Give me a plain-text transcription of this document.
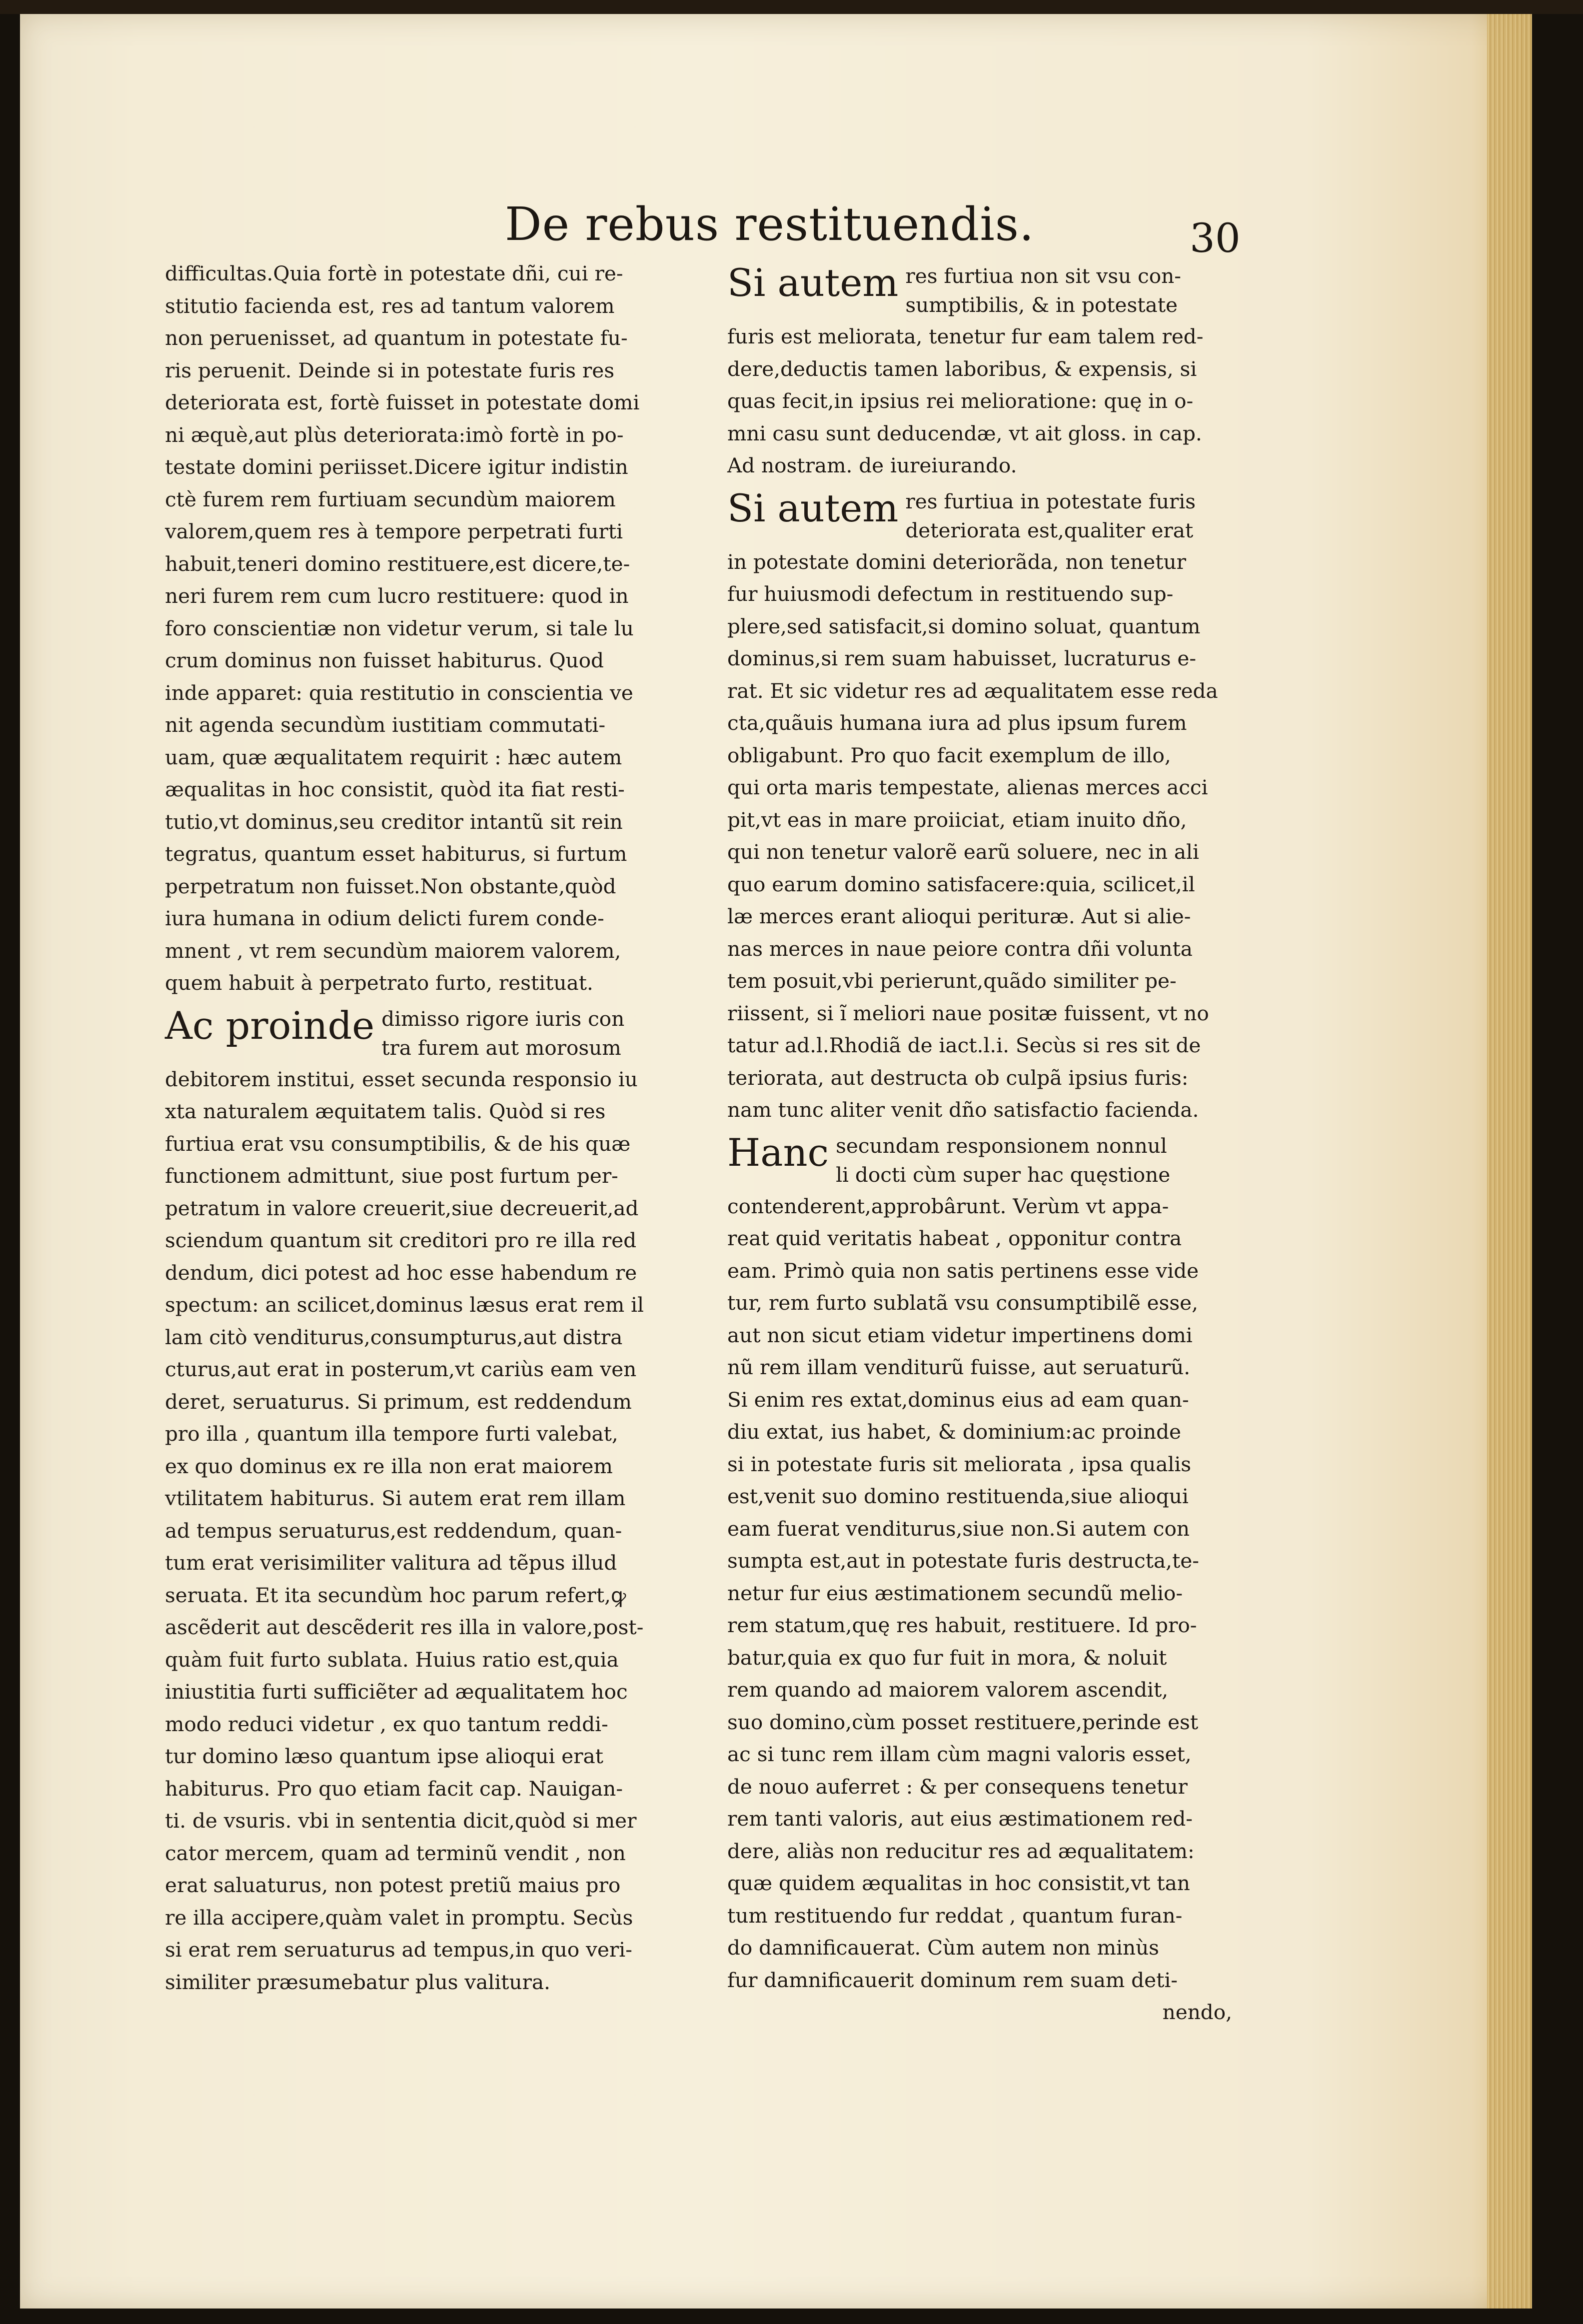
De rebus restituendis.	30
difficultas.Quia fortè in potestate dñi, cui re-
stitutio facienda est, res ad tantum valorem
non peruenisset, ad quantum in potestate fu-
ris peruenit. Deinde si in potestate furis res
deteriorata est, fortè fuisset in potestate domi
ni æquè,aut plùs deteriorata:imò fortè in po-
testate domini periisset.Dicere igitur indistin
ctè furem rem furtiuam secundùm maiorem
valorem,quem res à tempore perpetrati furti
habuit,teneri domino restituere,est dicere,te-
neri furem rem cum lucro restituere: quod in
foro conscientiæ non videtur verum, si tale lu
crum dominus non fuisset habiturus. Quod
inde apparet: quia restitutio in conscientia ve
nit agenda secundùm iustitiam commutati-
uam, quæ æqualitatem requirit : hæc autem
æqualitas in hoc consistit, quòd ita fiat resti-
tutio,vt dominus,seu creditor intantũ sit rein
tegratus, quantum esset habiturus, si furtum
perpetratum non fuisset.Non obstante,quòd
iura humana in odium delicti furem conde-
mnent , vt rem secundùm maiorem valorem,
quem habuit à perpetrato furto, restituat.
Ac proinde dimisso rigore iuris con
tra furem aut morosum
debitorem institui, esset secunda responsio iu
xta naturalem æquitatem talis. Quòd si res
furtiua erat vsu consumptibilis, & de his quæ
functionem admittunt, siue post furtum per-
petratum in valore creuerit,siue decreuerit,ad
sciendum quantum sit creditori pro re illa red
dendum, dici potest ad hoc esse habendum re
spectum: an scilicet,dominus læsus erat rem il
lam citò venditurus,consumpturus,aut distra
cturus,aut erat in posterum,vt cariùs eam ven
deret, seruaturus. Si primum, est reddendum
pro illa , quantum illa tempore furti valebat,
ex quo dominus ex re illa non erat maiorem
vtilitatem habiturus. Si autem erat rem illam
ad tempus seruaturus,est reddendum, quan-
tum erat verisimiliter valitura ad tẽpus illud
seruata. Et ita secundùm hoc parum refert,ꝙ
ascẽderit aut descẽderit res illa in valore,post-
quàm fuit furto sublata. Huius ratio est,quia
iniustitia furti sufficiẽter ad æqualitatem hoc
modo reduci videtur , ex quo tantum reddi-
tur domino læso quantum ipse alioqui erat
habiturus. Pro quo etiam facit cap. Nauigan-
ti. de vsuris. vbi in sententia dicit,quòd si mer
cator mercem, quam ad terminũ vendit , non
erat saluaturus, non potest pretiũ maius pro
re illa accipere,quàm valet in promptu. Secùs
si erat rem seruaturus ad tempus,in quo veri-
similiter præsumebatur plus valitura.
Si autem res furtiua non sit vsu con-
sumptibilis, & in potestate
furis est meliorata, tenetur fur eam talem red-
dere,deductis tamen laboribus, & expensis, si
quas fecit,in ipsius rei melioratione: quę in o-
mni casu sunt deducendæ, vt ait gloss. in cap.
Ad nostram. de iureiurando.
Si autem res furtiua in potestate furis
deteriorata est,qualiter erat
in potestate domini deteriorãda, non tenetur
fur huiusmodi defectum in restituendo sup-
plere,sed satisfacit,si domino soluat, quantum
dominus,si rem suam habuisset, lucraturus e-
rat. Et sic videtur res ad æqualitatem esse reda
cta,quãuis humana iura ad plus ipsum furem
obligabunt. Pro quo facit exemplum de illo,
qui orta maris tempestate, alienas merces acci
pit,vt eas in mare proiiciat, etiam inuito dño,
qui non tenetur valorẽ earũ soluere, nec in ali
quo earum domino satisfacere:quia, scilicet,il
læ merces erant alioqui perituræ. Aut si alie-
nas merces in naue peiore contra dñi volunta
tem posuit,vbi perierunt,quãdo similiter pe-
riissent, si ĩ meliori naue positæ fuissent, vt no
tatur ad.l.Rhodiã de iact.l.i. Secùs si res sit de
teriorata, aut destructa ob culpã ipsius furis:
nam tunc aliter venit dño satisfactio facienda.
Hanc secundam responsionem nonnul
li docti cùm super hac quęstione
contenderent,approbârunt. Verùm vt appa-
reat quid veritatis habeat , opponitur contra
eam. Primò quia non satis pertinens esse vide
tur, rem furto sublatã vsu consumptibilẽ esse,
aut non sicut etiam videtur impertinens domi
nũ rem illam venditurũ fuisse, aut seruaturũ.
Si enim res extat,dominus eius ad eam quan-
diu extat, ius habet, & dominium:ac proinde
si in potestate furis sit meliorata , ipsa qualis
est,venit suo domino restituenda,siue alioqui
eam fuerat venditurus,siue non.Si autem con
sumpta est,aut in potestate furis destructa,te-
netur fur eius æstimationem secundũ melio-
rem statum,quę res habuit, restituere. Id pro-
batur,quia ex quo fur fuit in mora, & noluit
rem quando ad maiorem valorem ascendit,
suo domino,cùm posset restituere,perinde est
ac si tunc rem illam cùm magni valoris esset,
de nouo auferret : & per consequens tenetur
rem tanti valoris, aut eius æstimationem red-
dere, aliàs non reducitur res ad æqualitatem:
quæ quidem æqualitas in hoc consistit,vt tan
tum restituendo fur reddat , quantum furan-
do damnificauerat. Cùm autem non minùs
fur damnificauerit dominum rem suam deti-
nendo,
